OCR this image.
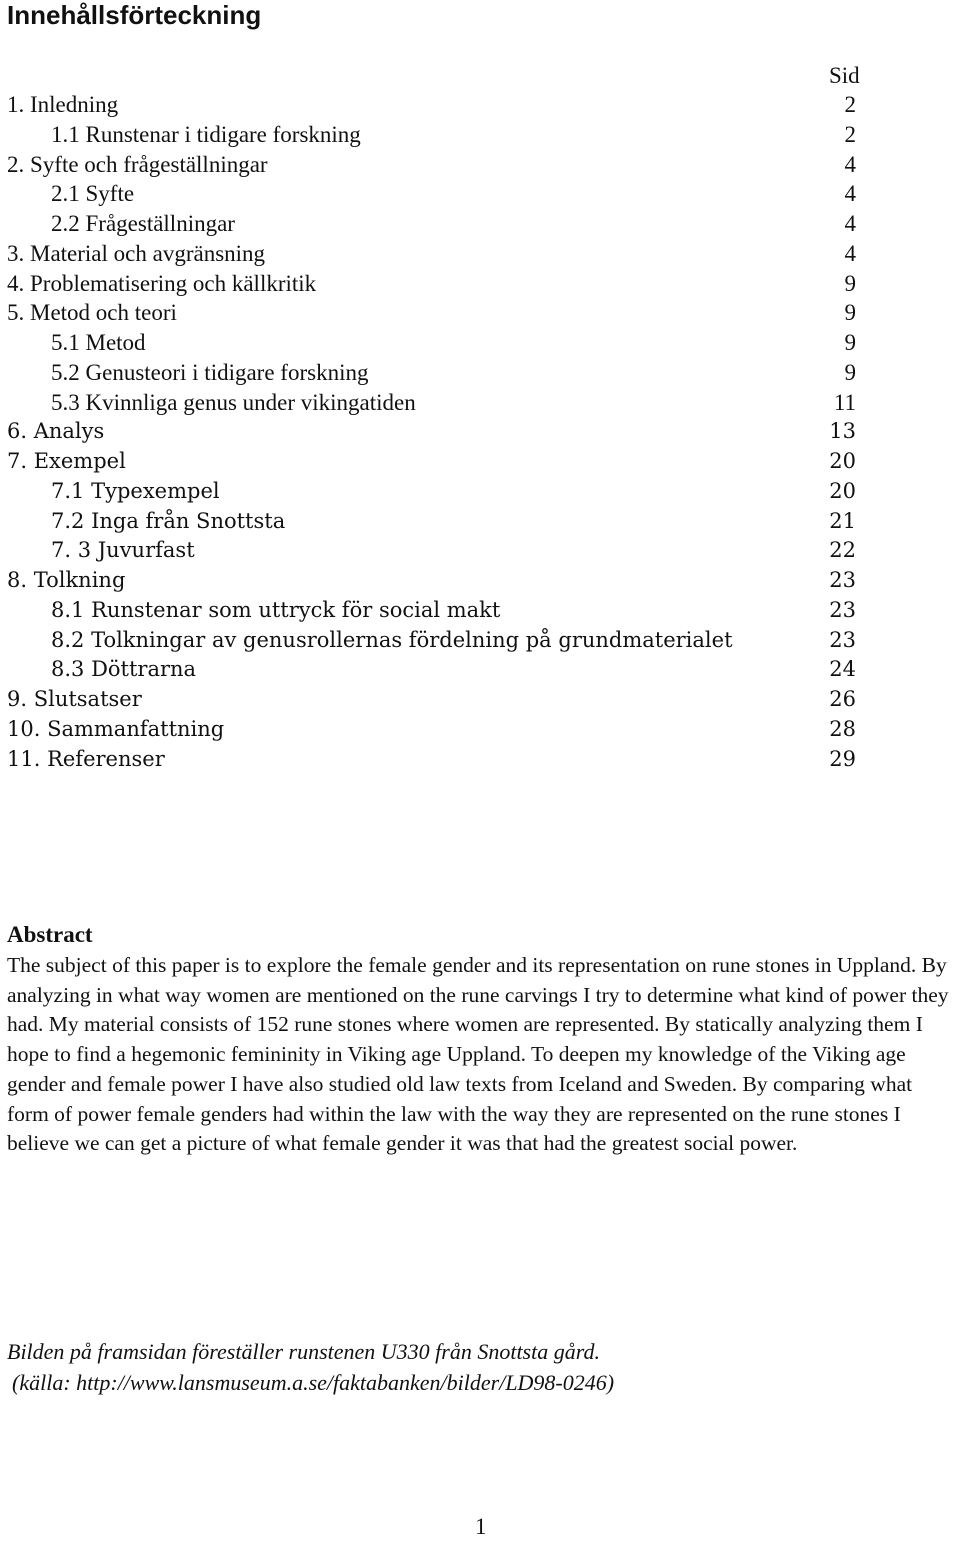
Innehållsförteckning
Sid
1. Inledning	2
1.1 Runstenar i tidigare forskning	2
2. Syfte och frågeställningar	4
2.1 Syfte	4
2.2 Frågeställningar	4
3. Material och avgränsning	4
4. Problematisering och källkritik	9
5. Metod och teori	9
5.1 Metod	9
5.2 Genusteori i tidigare forskning	9
5.3 Kvinnliga genus under vikingatiden	11
6. Analys	13
7. Exempel	20
7.1 Typexempel	20
7.2 Inga från Snottsta	21
7. 3 Juvurfast	22
8. Tolkning	23
8.1 Runstenar som uttryck för social makt	23
8.2 Tolkningar av genusrollernas fördelning på grundmaterialet	23
8.3 Döttrarna	24
9. Slutsatser	26
10. Sammanfattning	28
11. Referenser	29
Abstract

The subject of this paper is to explore the female gender and its representation on rune stones in Uppland. By analyzing in what way women are mentioned on the rune carvings I try to determine what kind of power they had. My material consists of 152 rune stones where women are represented. By statically analyzing them I hope to find a hegemonic femininity in Viking age Uppland. To deepen my knowledge of the Viking age gender and female power I have also studied old law texts from Iceland and Sweden. By comparing what form of power female genders had within the law with the way they are represented on the rune stones I believe we can get a picture of what female gender it was that had the greatest social power.

Bilden på framsidan föreställer runstenen U330 från Snottsta gård.
(källa: http://www.lansmuseum.a.se/faktabanken/bilder/LD98-0246)

1
